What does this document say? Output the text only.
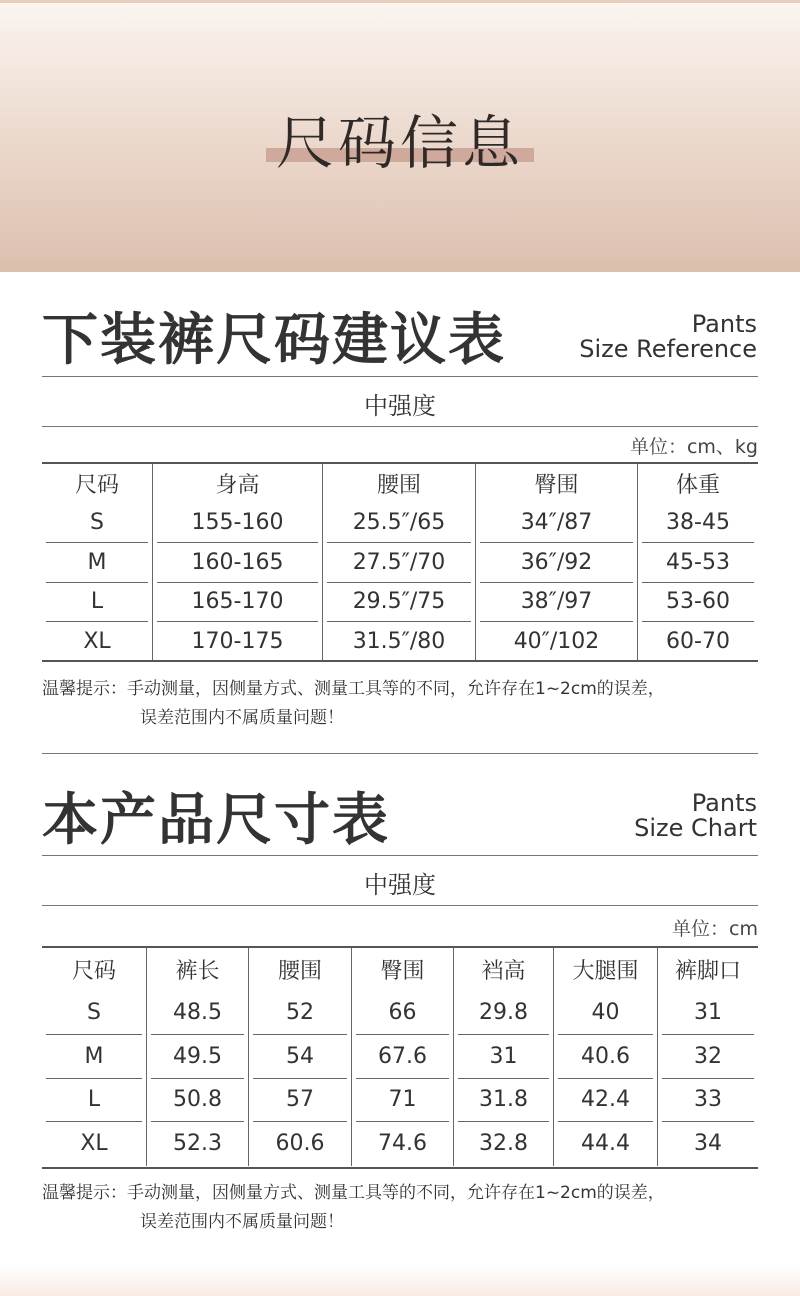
尺码信息
下装裤尺码建议表	Pants
Size Reference
中强度
单位：cm、kg
尺码	身高	腰围	臀围	体重

S	155-160	25.5″/65	34″/87	38-45

M	160-165	27.5″/70	36″/92	45-53

L	165-170	29.5″/75	38″/97	53-60

XL	170-175	31.5″/80	40″/102	60-70
温馨提示：手动测量，因侧量方式、测量工具等的不同，允许存在1~2cm的误差，
误差范围内不属质量问题！
本产品尺寸表	Pants
Size Chart
中强度
单位：cm
尺码	裤长	腰围	臀围	裆高	大腿围	裤脚口

S	48.5	52	66	29.8	40	31

M	49.5	54	67.6	31	40.6	32

L	50.8	57	71	31.8	42.4	33

XL	52.3	60.6	74.6	32.8	44.4	34
温馨提示：手动测量，因侧量方式、测量工具等的不同，允许存在1~2cm的误差，
误差范围内不属质量问题！
